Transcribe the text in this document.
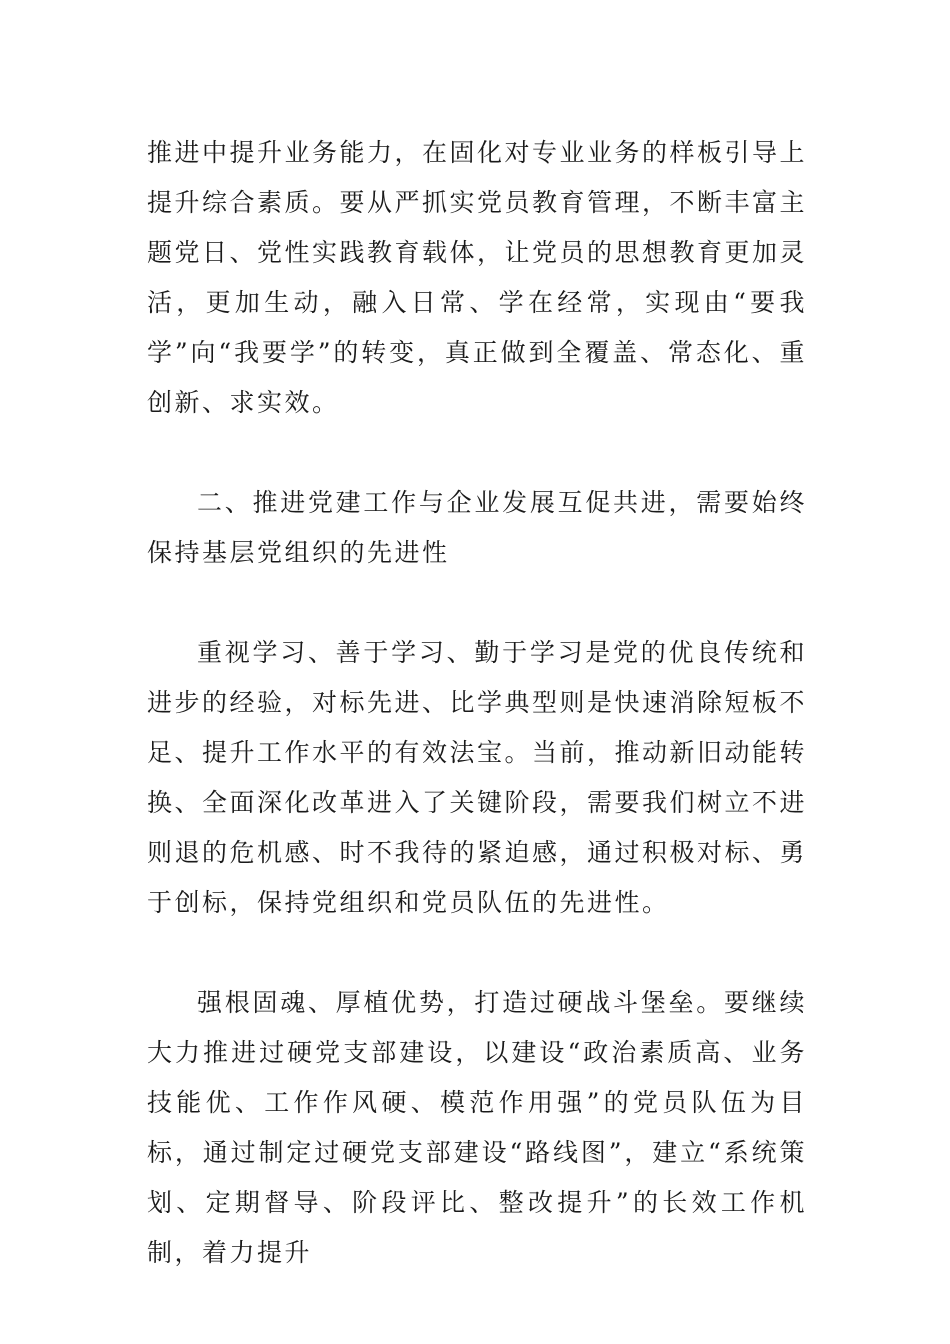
推进中提升业务能力，在固化对专业业务的样板引导上提升综合素质。要从严抓实党员教育管理，不断丰富主题党日、党性实践教育载体，让党员的思想教育更加灵活，更加生动，融入日常、学在经常，实现由“要我学”向“我要学”的转变，真正做到全覆盖、常态化、重创新、求实效。

二、推进党建工作与企业发展互促共进，需要始终保持基层党组织的先进性

重视学习、善于学习、勤于学习是党的优良传统和进步的经验，对标先进、比学典型则是快速消除短板不足、提升工作水平的有效法宝。当前，推动新旧动能转换、全面深化改革进入了关键阶段，需要我们树立不进则退的危机感、时不我待的紧迫感，通过积极对标、勇于创标，保持党组织和党员队伍的先进性。

强根固魂、厚植优势，打造过硬战斗堡垒。要继续大力推进过硬党支部建设，以建设“政治素质高、业务技能优、工作作风硬、模范作用强”的党员队伍为目标，通过制定过硬党支部建设“路线图”，建立“系统策划、定期督导、阶段评比、整改提升”的长效工作机制，着力提升
